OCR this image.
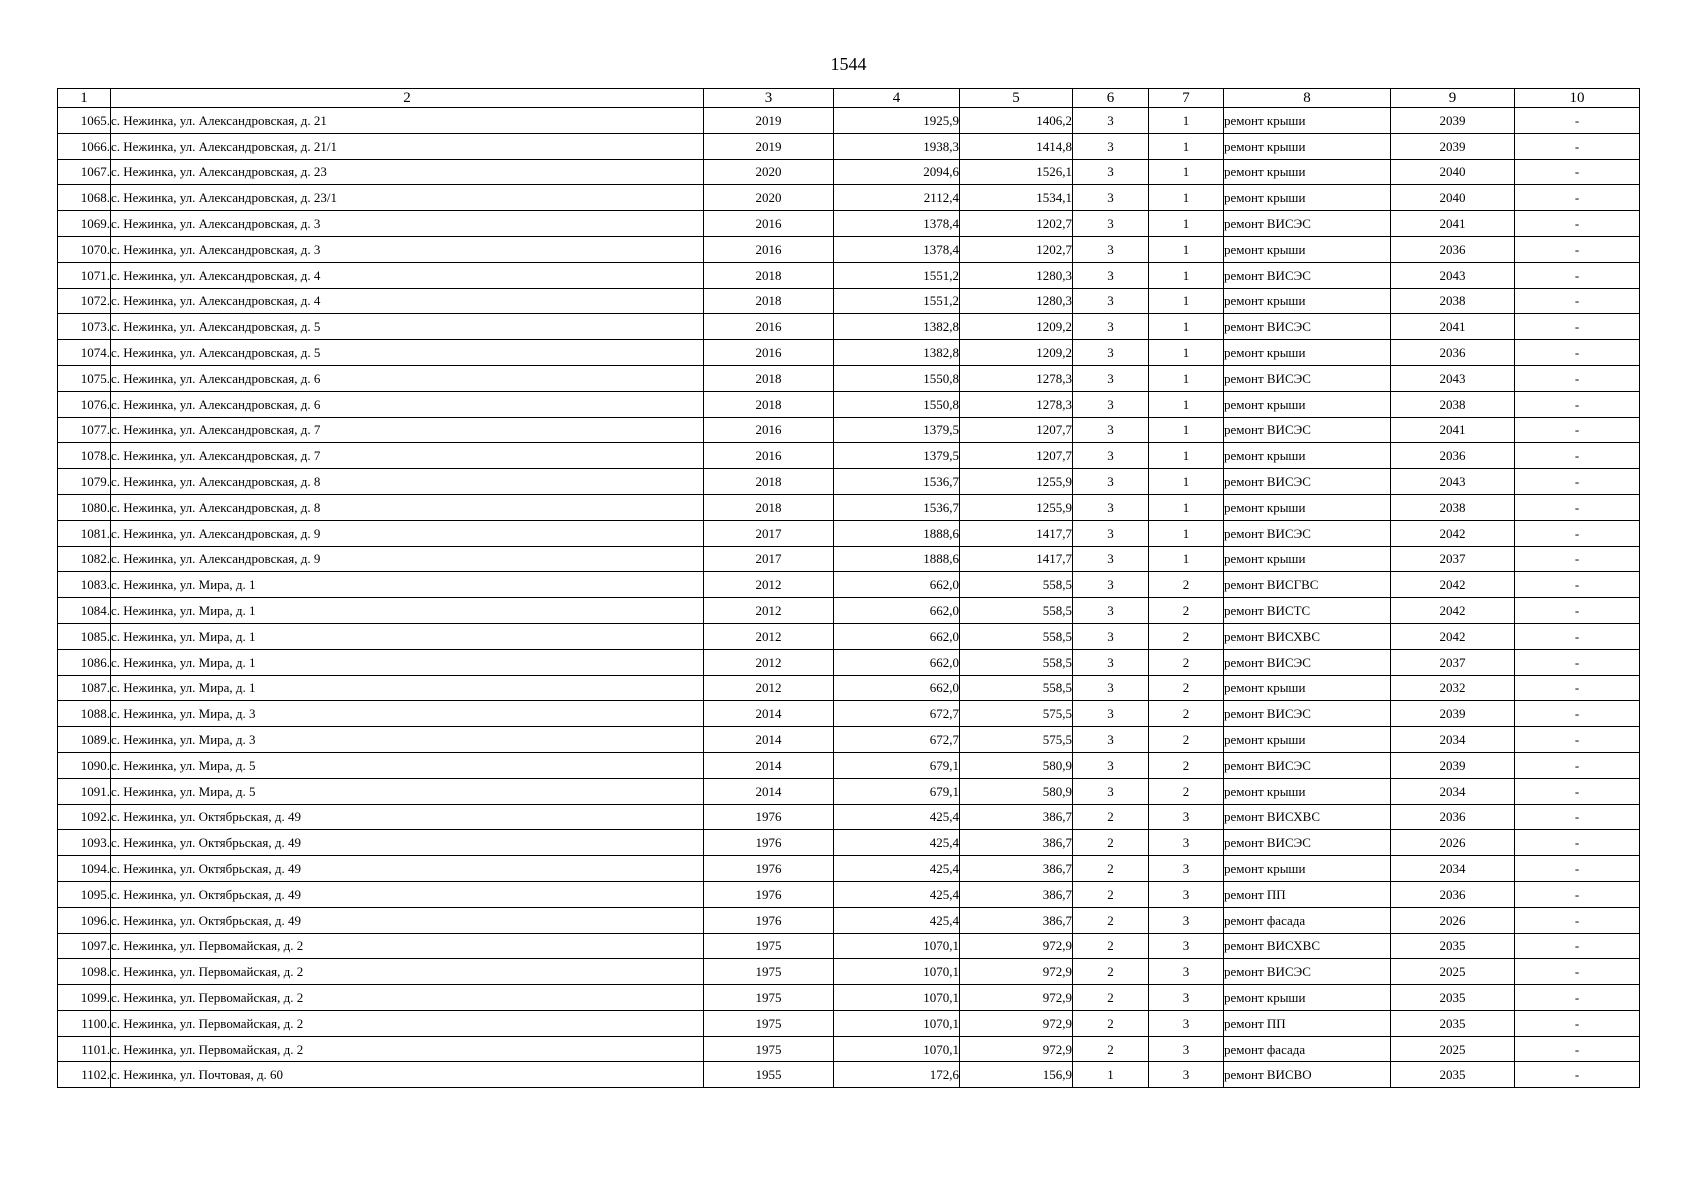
1544
1	2	3	4	5	6	7	8	9	10
1065.	с. Нежинка, ул. Александровская, д. 21	2019	1925,9	1406,2	3	1	ремонт крыши	2039	-
1066.	с. Нежинка, ул. Александровская, д. 21/1	2019	1938,3	1414,8	3	1	ремонт крыши	2039	-
1067.	с. Нежинка, ул. Александровская, д. 23	2020	2094,6	1526,1	3	1	ремонт крыши	2040	-
1068.	с. Нежинка, ул. Александровская, д. 23/1	2020	2112,4	1534,1	3	1	ремонт крыши	2040	-
1069.	с. Нежинка, ул. Александровская, д. 3	2016	1378,4	1202,7	3	1	ремонт ВИСЭС	2041	-
1070.	с. Нежинка, ул. Александровская, д. 3	2016	1378,4	1202,7	3	1	ремонт крыши	2036	-
1071.	с. Нежинка, ул. Александровская, д. 4	2018	1551,2	1280,3	3	1	ремонт ВИСЭС	2043	-
1072.	с. Нежинка, ул. Александровская, д. 4	2018	1551,2	1280,3	3	1	ремонт крыши	2038	-
1073.	с. Нежинка, ул. Александровская, д. 5	2016	1382,8	1209,2	3	1	ремонт ВИСЭС	2041	-
1074.	с. Нежинка, ул. Александровская, д. 5	2016	1382,8	1209,2	3	1	ремонт крыши	2036	-
1075.	с. Нежинка, ул. Александровская, д. 6	2018	1550,8	1278,3	3	1	ремонт ВИСЭС	2043	-
1076.	с. Нежинка, ул. Александровская, д. 6	2018	1550,8	1278,3	3	1	ремонт крыши	2038	-
1077.	с. Нежинка, ул. Александровская, д. 7	2016	1379,5	1207,7	3	1	ремонт ВИСЭС	2041	-
1078.	с. Нежинка, ул. Александровская, д. 7	2016	1379,5	1207,7	3	1	ремонт крыши	2036	-
1079.	с. Нежинка, ул. Александровская, д. 8	2018	1536,7	1255,9	3	1	ремонт ВИСЭС	2043	-
1080.	с. Нежинка, ул. Александровская, д. 8	2018	1536,7	1255,9	3	1	ремонт крыши	2038	-
1081.	с. Нежинка, ул. Александровская, д. 9	2017	1888,6	1417,7	3	1	ремонт ВИСЭС	2042	-
1082.	с. Нежинка, ул. Александровская, д. 9	2017	1888,6	1417,7	3	1	ремонт крыши	2037	-
1083.	с. Нежинка, ул. Мира, д. 1	2012	662,0	558,5	3	2	ремонт ВИСГВС	2042	-
1084.	с. Нежинка, ул. Мира, д. 1	2012	662,0	558,5	3	2	ремонт ВИСТС	2042	-
1085.	с. Нежинка, ул. Мира, д. 1	2012	662,0	558,5	3	2	ремонт ВИСХВС	2042	-
1086.	с. Нежинка, ул. Мира, д. 1	2012	662,0	558,5	3	2	ремонт ВИСЭС	2037	-
1087.	с. Нежинка, ул. Мира, д. 1	2012	662,0	558,5	3	2	ремонт крыши	2032	-
1088.	с. Нежинка, ул. Мира, д. 3	2014	672,7	575,5	3	2	ремонт ВИСЭС	2039	-
1089.	с. Нежинка, ул. Мира, д. 3	2014	672,7	575,5	3	2	ремонт крыши	2034	-
1090.	с. Нежинка, ул. Мира, д. 5	2014	679,1	580,9	3	2	ремонт ВИСЭС	2039	-
1091.	с. Нежинка, ул. Мира, д. 5	2014	679,1	580,9	3	2	ремонт крыши	2034	-
1092.	с. Нежинка, ул. Октябрьская, д. 49	1976	425,4	386,7	2	3	ремонт ВИСХВС	2036	-
1093.	с. Нежинка, ул. Октябрьская, д. 49	1976	425,4	386,7	2	3	ремонт ВИСЭС	2026	-
1094.	с. Нежинка, ул. Октябрьская, д. 49	1976	425,4	386,7	2	3	ремонт крыши	2034	-
1095.	с. Нежинка, ул. Октябрьская, д. 49	1976	425,4	386,7	2	3	ремонт ПП	2036	-
1096.	с. Нежинка, ул. Октябрьская, д. 49	1976	425,4	386,7	2	3	ремонт фасада	2026	-
1097.	с. Нежинка, ул. Первомайская, д. 2	1975	1070,1	972,9	2	3	ремонт ВИСХВС	2035	-
1098.	с. Нежинка, ул. Первомайская, д. 2	1975	1070,1	972,9	2	3	ремонт ВИСЭС	2025	-
1099.	с. Нежинка, ул. Первомайская, д. 2	1975	1070,1	972,9	2	3	ремонт крыши	2035	-
1100.	с. Нежинка, ул. Первомайская, д. 2	1975	1070,1	972,9	2	3	ремонт ПП	2035	-
1101.	с. Нежинка, ул. Первомайская, д. 2	1975	1070,1	972,9	2	3	ремонт фасада	2025	-
1102.	с. Нежинка, ул. Почтовая, д. 60	1955	172,6	156,9	1	3	ремонт ВИСВО	2035	-
